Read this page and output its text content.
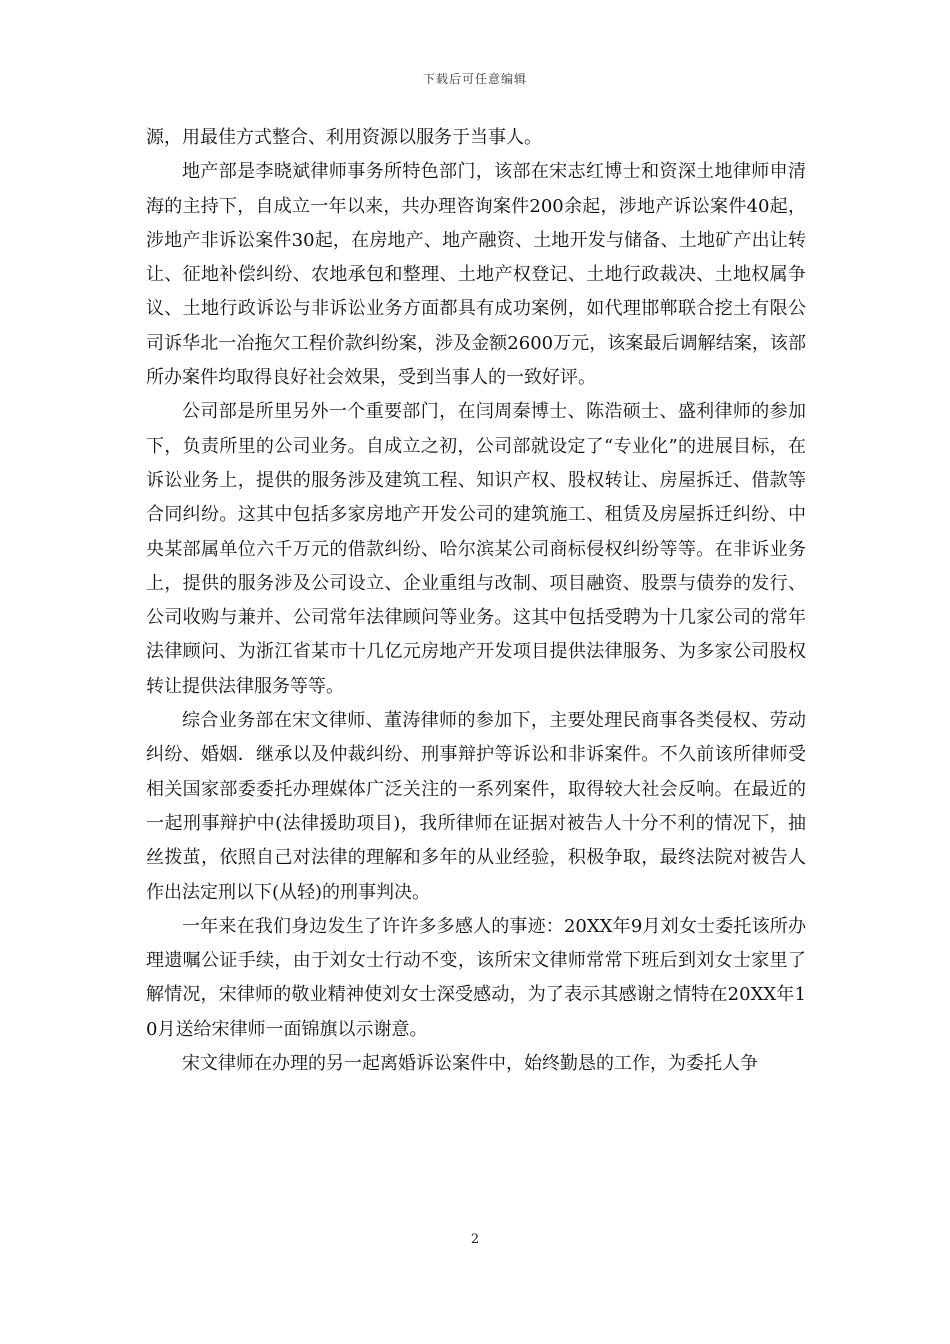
下载后可任意编辑

源，用最佳方式整合、利用资源以服务于当事人。

地产部是李晓斌律师事务所特色部门，该部在宋志红博士和资深土地律师申清海的主持下，自成立一年以来，共办理咨询案件200余起，涉地产诉讼案件40起，涉地产非诉讼案件30起，在房地产、地产融资、土地开发与储备、土地矿产出让转让、征地补偿纠纷、农地承包和整理、土地产权登记、土地行政裁决、土地权属争议、土地行政诉讼与非诉讼业务方面都具有成功案例，如代理邯郸联合挖土有限公司诉华北一冶拖欠工程价款纠纷案，涉及金额2600万元，该案最后调解结案，该部所办案件均取得良好社会效果，受到当事人的一致好评。

公司部是所里另外一个重要部门，在闫周秦博士、陈浩硕士、盛利律师的参加下，负责所里的公司业务。自成立之初，公司部就设定了“专业化”的进展目标，在诉讼业务上，提供的服务涉及建筑工程、知识产权、股权转让、房屋拆迁、借款等合同纠纷。这其中包括多家房地产开发公司的建筑施工、租赁及房屋拆迁纠纷、中央某部属单位六千万元的借款纠纷、哈尔滨某公司商标侵权纠纷等等。在非诉业务上，提供的服务涉及公司设立、企业重组与改制、项目融资、股票与债券的发行、公司收购与兼并、公司常年法律顾问等业务。这其中包括受聘为十几家公司的常年法律顾问、为浙江省某市十几亿元房地产开发项目提供法律服务、为多家公司股权转让提供法律服务等等。

综合业务部在宋文律师、董涛律师的参加下，主要处理民商事各类侵权、劳动纠纷、婚姻．继承以及仲裁纠纷、刑事辩护等诉讼和非诉案件。不久前该所律师受相关国家部委委托办理媒体广泛关注的一系列案件，取得较大社会反响。在最近的一起刑事辩护中(法律援助项目)，我所律师在证据对被告人十分不利的情况下，抽丝拨茧，依照自己对法律的理解和多年的从业经验，积极争取，最终法院对被告人作出法定刑以下(从轻)的刑事判决。

一年来在我们身边发生了许许多多感人的事迹：20XX年9月刘女士委托该所办理遗嘱公证手续，由于刘女士行动不变，该所宋文律师常常下班后到刘女士家里了解情况，宋律师的敬业精神使刘女士深受感动，为了表示其感谢之情特在20XX年10月送给宋律师一面锦旗以示谢意。

宋文律师在办理的另一起离婚诉讼案件中，始终勤恳的工作，为委托人争

2
